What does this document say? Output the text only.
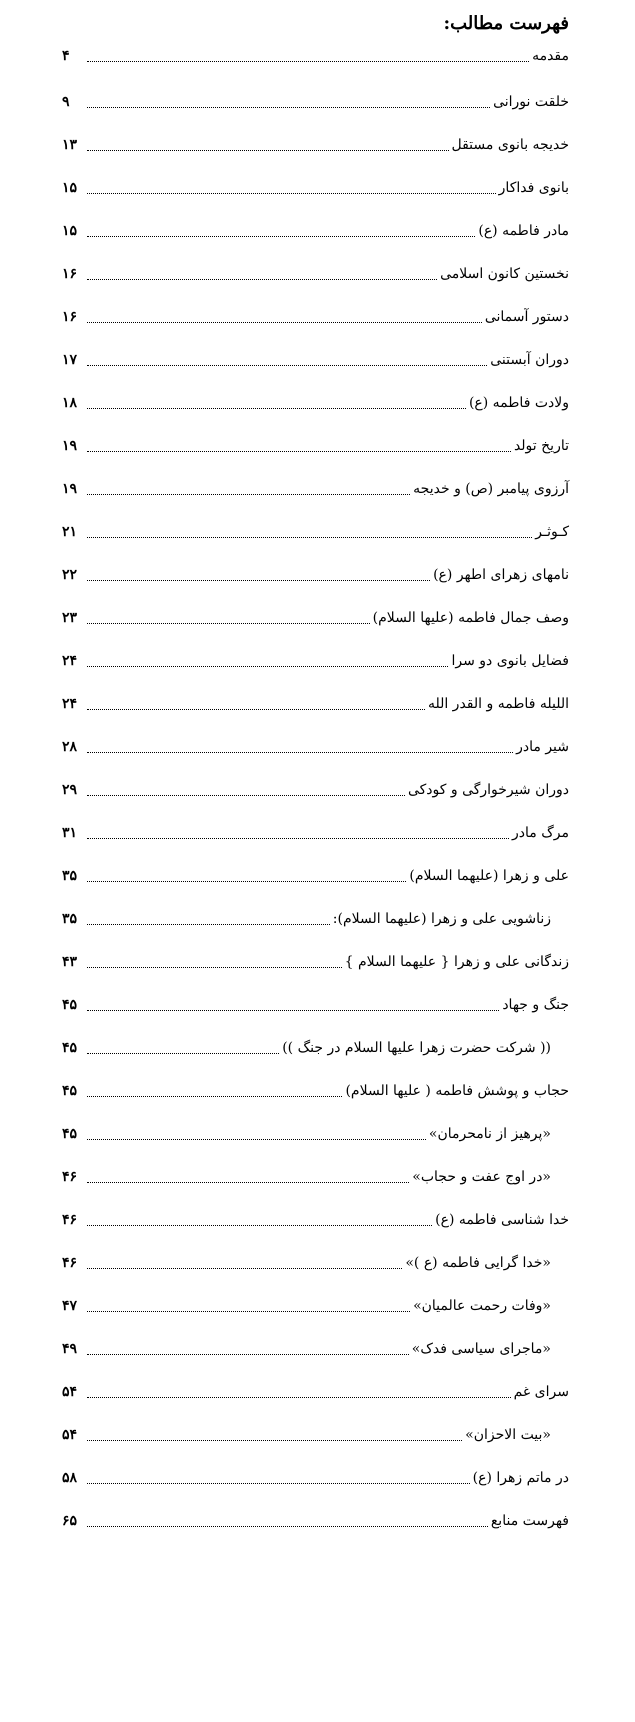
فهرست مطالب:
مقدمه
۴
خلقت نورانی
۹
خدیجه بانوی مستقل
۱۳
بانوی فداکار
۱۵
مادر فاطمه (ع)
۱۵
نخستین کانون اسلامی
۱۶
دستور آسمانی
۱۶
دوران آبستنی
۱۷
ولادت فاطمه (ع)
۱۸
تاریخ تولد
۱۹
آرزوی پیامبر (ص) و خدیجه
۱۹
کـوثـر
۲۱
نامهای زهرای اطهر (ع)
۲۲
وصف جمال فاطمه (علیها السلام)
۲۳
فضایل بانوی دو سرا
۲۴
اللیله فاطمه و القدر الله
۲۴
شیر مادر
۲۸
دوران شیرخوارگی و کودکی
۲۹
مرگ مادر
۳۱
علی و زهرا (علیهما السلام)
۳۵
زناشویی علی و زهرا (علیهما السلام):
۳۵
زندگانی علی و زهرا { علیهما السلام }
۴۳
جنگ و جهاد
۴۵
(( شرکت حضرت زهرا علیها السلام در جنگ ))
۴۵
حجاب و پوشش فاطمه ( علیها السلام)
۴۵
«پرهیز از نامحرمان»
۴۵
«در اوج عفت و حجاب»
۴۶
خدا شناسی فاطمه (ع)
۴۶
«خدا گرایی فاطمه (ع )»
۴۶
«وفات رحمت عالمیان»
۴۷
«ماجرای سیاسی فدک»
۴۹
سرای غم
۵۴
«بیت الاحزان»
۵۴
در ماتم زهرا (ع)
۵۸
فهرست منابع
۶۵
